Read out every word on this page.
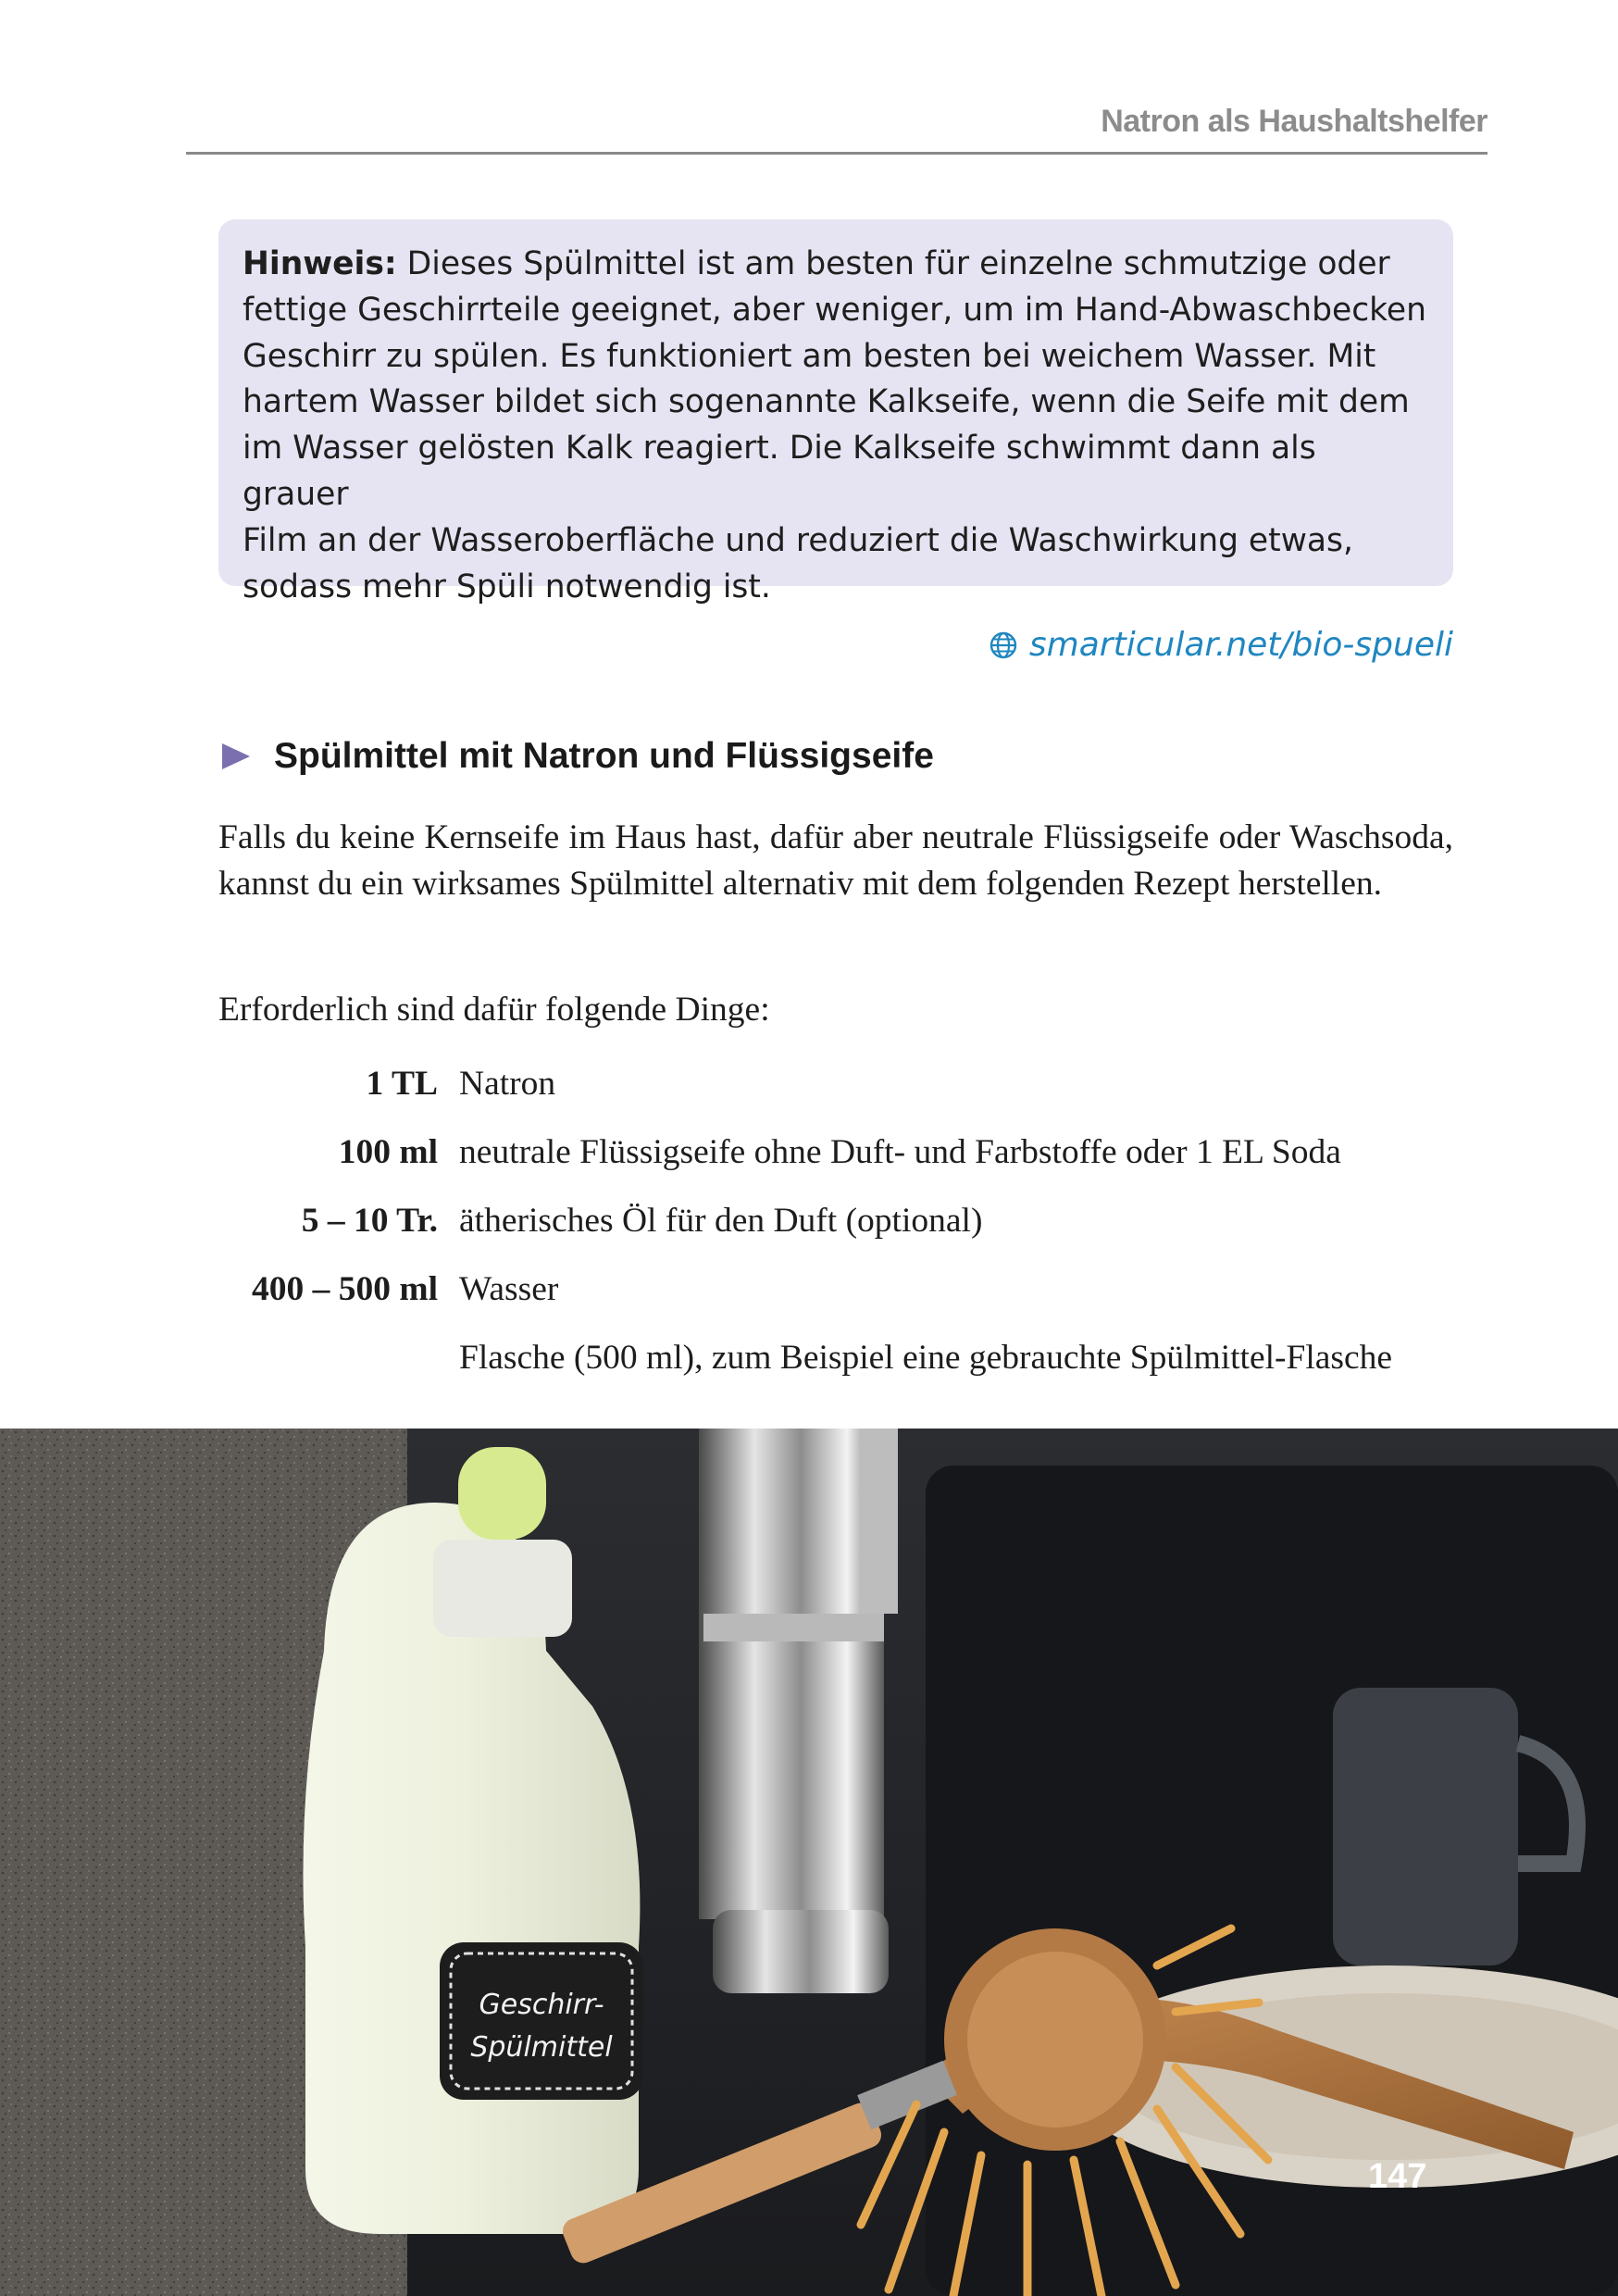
Natron als Haushaltshelfer
Hinweis: Dieses Spülmittel ist am besten für einzelne schmutzige oder
fettige Geschirrteile geeignet, aber weniger, um im Hand-Abwaschbecken
Geschirr zu spülen. Es funktioniert am besten bei weichem Wasser. Mit
hartem Wasser bildet sich sogenannte Kalkseife, wenn die Seife mit dem
im Wasser gelösten Kalk reagiert. Die Kalkseife schwimmt dann als grauer
Film an der Wasseroberfläche und reduziert die Waschwirkung etwas,
sodass mehr Spüli notwendig ist.
smarticular.net/bio-spueli
Spülmittel mit Natron und Flüssigseife
Falls du keine Kernseife im Haus hast, dafür aber neutrale Flüssigseife oder Waschsoda, kannst du ein wirksames Spülmittel alternativ mit dem folgenden Rezept herstellen.
Erforderlich sind dafür folgende Dinge:
1 TL Natron
100 ml neutrale Flüssigseife ohne Duft- und Farbstoffe oder 1 EL Soda
5 – 10 Tr. ätherisches Öl für den Duft (optional)
400 – 500 ml Wasser
Flasche (500 ml), zum Beispiel eine gebrauchte Spülmittel-Flasche
Geschirr-
Spülmittel
147
